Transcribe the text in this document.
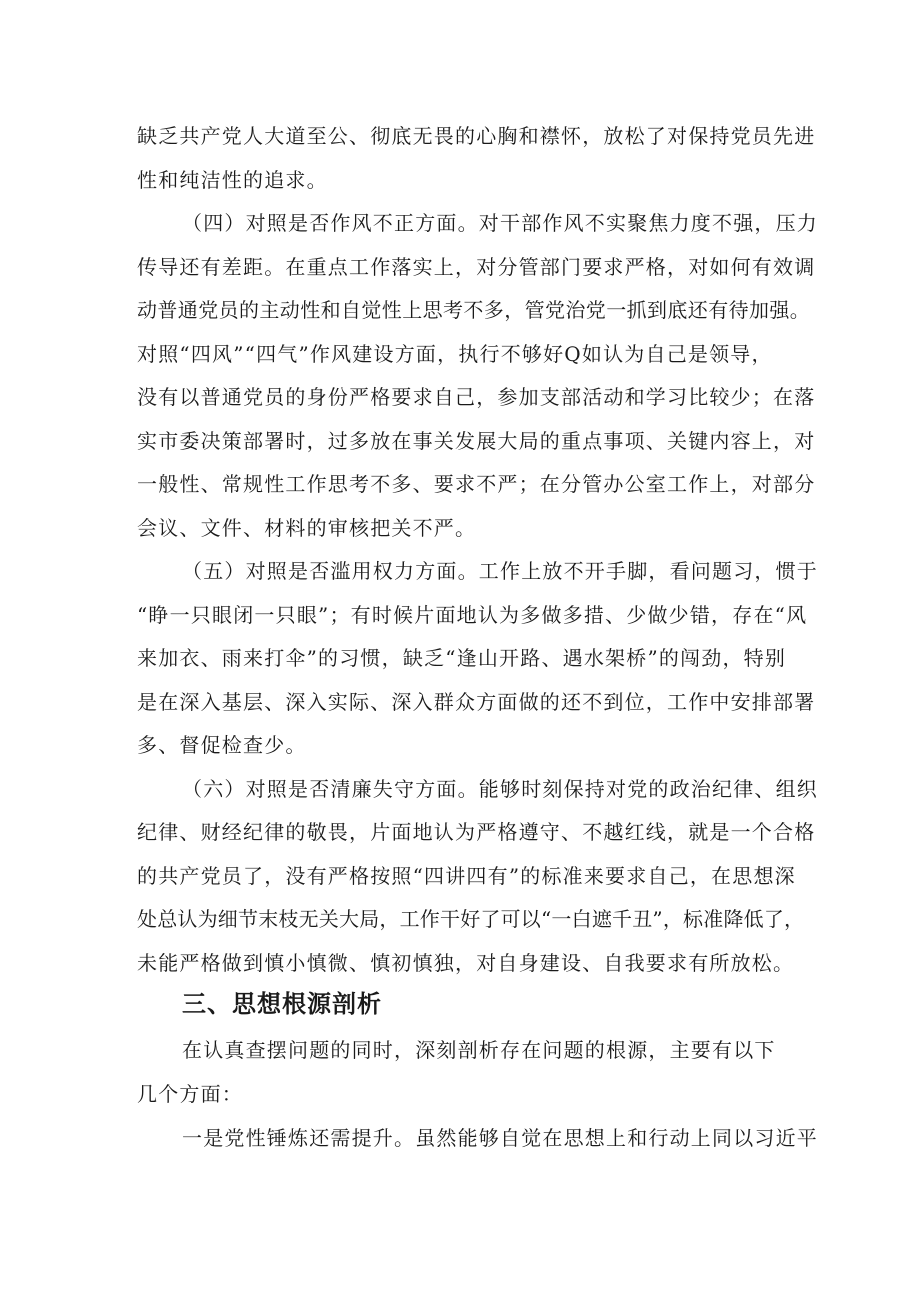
缺乏共产党人大道至公、彻底无畏的心胸和襟怀，放松了对保持党员先进
性和纯洁性的追求。
（四）对照是否作风不正方面。对干部作风不实聚焦力度不强，压力
传导还有差距。在重点工作落实上，对分管部门要求严格，对如何有效调
动普通党员的主动性和自觉性上思考不多，管党治党一抓到底还有待加强。
对照“四风”“四气”作风建设方面，执行不够好Q如认为自己是领导，
没有以普通党员的身份严格要求自己，参加支部活动和学习比较少；在落
实市委决策部署时，过多放在事关发展大局的重点事项、关键内容上，对
一般性、常规性工作思考不多、要求不严；在分管办公室工作上，对部分
会议、文件、材料的审核把关不严。
（五）对照是否滥用权力方面。工作上放不开手脚，看问题习，惯于
“睁一只眼闭一只眼”；有时候片面地认为多做多措、少做少错，存在“风
来加衣、雨来打伞”的习惯，缺乏“逢山开路、遇水架桥”的闯劲，特别
是在深入基层、深入实际、深入群众方面做的还不到位，工作中安排部署
多、督促检查少。
（六）对照是否清廉失守方面。能够时刻保持对党的政治纪律、组织
纪律、财经纪律的敬畏，片面地认为严格遵守、不越红线，就是一个合格
的共产党员了，没有严格按照“四讲四有”的标准来要求自己，在思想深
处总认为细节末枝无关大局，工作干好了可以“一白遮千丑”，标准降低了，
未能严格做到慎小慎微、慎初慎独，对自身建设、自我要求有所放松。
三、思想根源剖析
在认真查摆问题的同时，深刻剖析存在问题的根源，主要有以下
几个方面：
一是党性锤炼还需提升。虽然能够自觉在思想上和行动上同以习近平
